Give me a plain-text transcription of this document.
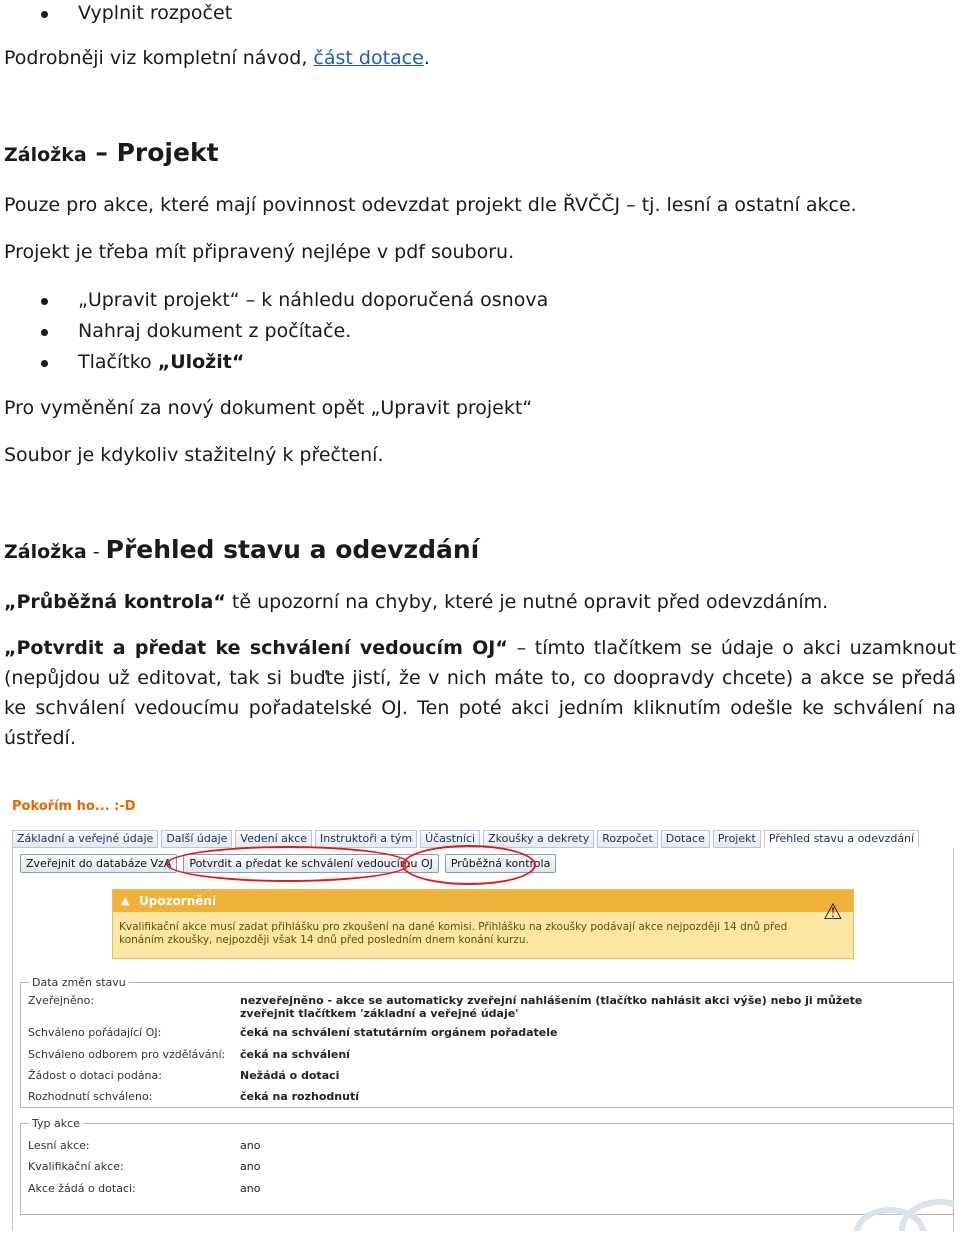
Vyplnit rozpočet

Podrobněji viz kompletní návod, část dotace.

Záložka – Projekt

Pouze pro akce, které mají povinnost odevzdat projekt dle ŘVČČJ – tj. lesní a ostatní akce.

Projekt je třeba mít připravený nejlépe v pdf souboru.

„Upravit projekt“ – k náhledu doporučená osnova
Nahraj dokument z počítače.
Tlačítko „Uložit“

Pro vyměnění za nový dokument opět „Upravit projekt“

Soubor je kdykoliv stažitelný k přečtení.

Záložka - Přehled stavu a odevzdání

„Průběžná kontrola“ tě upozorní na chyby, které je nutné opravit před odevzdáním.

„Potvrdit a předat ke schválení vedoucím OJ“ – tímto tlačítkem se údaje o akci uzamknout (nepůjdou už editovat, tak si buďte jistí, že v nich máte to, co doopravdy chcete) a akce se předá ke schválení vedoucímu pořadatelské OJ. Ten poté akci jedním kliknutím odešle ke schválení na ústředí.

Pokořím ho... :-D
Základní a veřejné údaje	Další údaje	Vedení akce	Instruktoři a tým	Účastníci	Zkoušky a dekrety	Rozpočet	Dotace	Projekt	Přehled stavu a odevzdání
Zveřejnit do databáze VzA	Potvrdit a předat ke schválení vedoucímu OJ	Průběžná kontrola
▲ Upozornění	⚠
Kvalifikační akce musí zadat přihlášku pro zkoušení na dané komisi. Přihlášku na zkoušky podávají akce nejpozději 14 dnů před konáním zkoušky, nejpozději však 14 dnů před posledním dnem konání kurzu.
Data změn stavu
Zveřejněno:	nezveřejněno - akce se automaticky zveřejní nahlášením (tlačítko nahlásit akci výše) nebo ji můžete
zveřejnit tlačítkem 'základní a veřejné údaje'
Schváleno pořádající OJ:	čeká na schválení statutárním orgánem pořadatele
Schváleno odborem pro vzdělávání: čeká na schválení
Žádost o dotaci podána:	Nežádá o dotaci
Rozhodnutí schváleno:	čeká na rozhodnutí
Typ akce
Lesní akce:	ano
Kvalifikační akce:	ano
Akce žádá o dotaci:	ano
